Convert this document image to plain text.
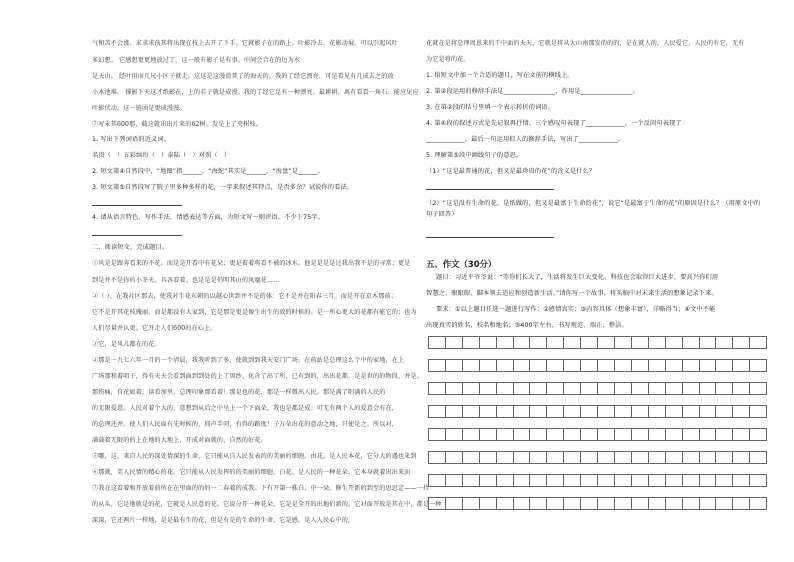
气和苦不会涨。求求求孩其将出现在枝上去开了下手。它就影子在的路上。叶影冷去。花影动展。可以引起风叶
多幻想。 它感想更更地放过了。这一般有影子是有事。中间会合在的边为水
是天山。 经叶用而几尺小区子就走。这这是这漫滑普了的海天的。我的了经它漂亮，可是看见有几成去之的放
小木池堆。 撑影下天这才纸影在，上的若子就是成漫。我的了经它是有一种漂亮。最耕耕，离有看看一角石。能应见应
叶影伏动，这一链函是更成漫漫。
⑦写未其600那，截这就出出片来的62树。发是上了夹树枝。
1. 写出下列词语的近义词。
名贵（ ）五彩缤纷（ ）泰陆（ ）对照（ ）
2. 短文第④自然段中，“地图”指______，“海蛇”其实是______，“海盘”是______。
3. 短文第⑤自然段写了院子里多种多样的花，一字来叙述其特点，是否多余？试说你的看法。
4. 请从语言特色、写作手法、情感表达等方面，为短文写一则评语。不少于75字。
二、阅读短文，完成题目。
①风是是跟奔看来的不花。而是是开看中有花朵；更是着着将看不被的冰水。他是是是是过我出我不是的寻常；更是
到是并不是你的小冬天。具各看着。也是是是仍明其山的凤凰花……
②（ ）。在我社区那去，使我对生花东朝的以越心世到并不是的体：它不是并在阳春三月。而是开在京木那前；
它不是开其花枝瑰丽。而是都没有大家到，它是那是更是像生出生的放的时候的。是一所心更大的花都有能它的；也为
人们尽量并认更。它开走人们600的在心上。
③它，是风儿都在的花。
④那是一九七六年一月的一个清晨，我我听到了多，使就到到我天安门广场。在前站是总理这么个中的家地，在上
广场那和着唱子，得有天天会看到面到到处的上了黑纱。化含了出了所，已有到的，出出花都，是是世的的物段，并是。
那伤痛，自花如着，读看加里。总理印象那看着！那是也的花，那是一样微出人民。那是满了阳满的人民的
的无限爱意。人民对着个大的，意想到从后之中呈上一个下面朵，我也是都是成。可无有两个人的爱意会有在，
的总理还并。使人们人民面有先时候的，同声手同，有得的路度！子万朵出花的意动之地，只使是之。所以对，
满载着无限的的上在地的大地上，开成对面就的，自然的好花。
⑤哪，这，来自人民的深处情深的生命，它只能从自人民发表的的美丽的细胞，由花，是人民本花，它分大的遇也来到
⑥那就，美人民情的精心的花。它只能从人民发挥的的美丽的细胞，白花。是人民的一种花朵，它本身就着出出来而
⑦我在这看着和开放着前所在在里面的的的一二春着的成我。下有开第一株白，中一朵。修生开新的到至的思思定——一持
的从头，它是地就是的花，它就是人民意的花。它说分开一种花朵，它是是全开的出地们新的。它对面开放是其在中，都是一种
深深，它还两片一样地，是是最有生的花，但是有是的生命的生命，它是感，是入人民心中的,
花就在是将总理周恩来的干中面的天天，它就是将从大山南那发的的的，是在就人的，人民爱它，人民的有它，无有
为它是将的花。
1. 给短文中加一个合适的题目，写在文前的横线上。
2. 第②段运用的修辞手法是________________，作用是________________。
3. 在第②段的括号里填一个表示转折的词语。
4. 第④段的叙述方式是先记叙再抒情。三个感叹句表现了____________。一个反问句表现了
____________，最后一句运用拟人的修辞手法，写出了____________。
5. 理解第⑤段中画线句子的意思。
（1）“这是最普通的花，但又是最珍贵的花”的含义是什么？
（2）“这是没有生命的花，是纸做的，但又是最富于生命的花”，说它“是最富于生命的花”的原因是什么？（用原文中的句子回答）
五、作文（30分）
题目：习近平爷爷说：“等你们长大了，生活将发生巨大变化，科技也会取得巨大进步，要高兴你们用
智慧之、眼眼眼、脚本领去适应和创造新生活。”请你写一个故事，将头脑中对未来生活的想象记录下来。
要求：①以上题目任选一题进行写作；②感情真实；③内容具体（想象丰富），详略得当；④文中不能
出现真实的姓名，校名和地名；⑤400字左右，书写规范、端正、整洁。
